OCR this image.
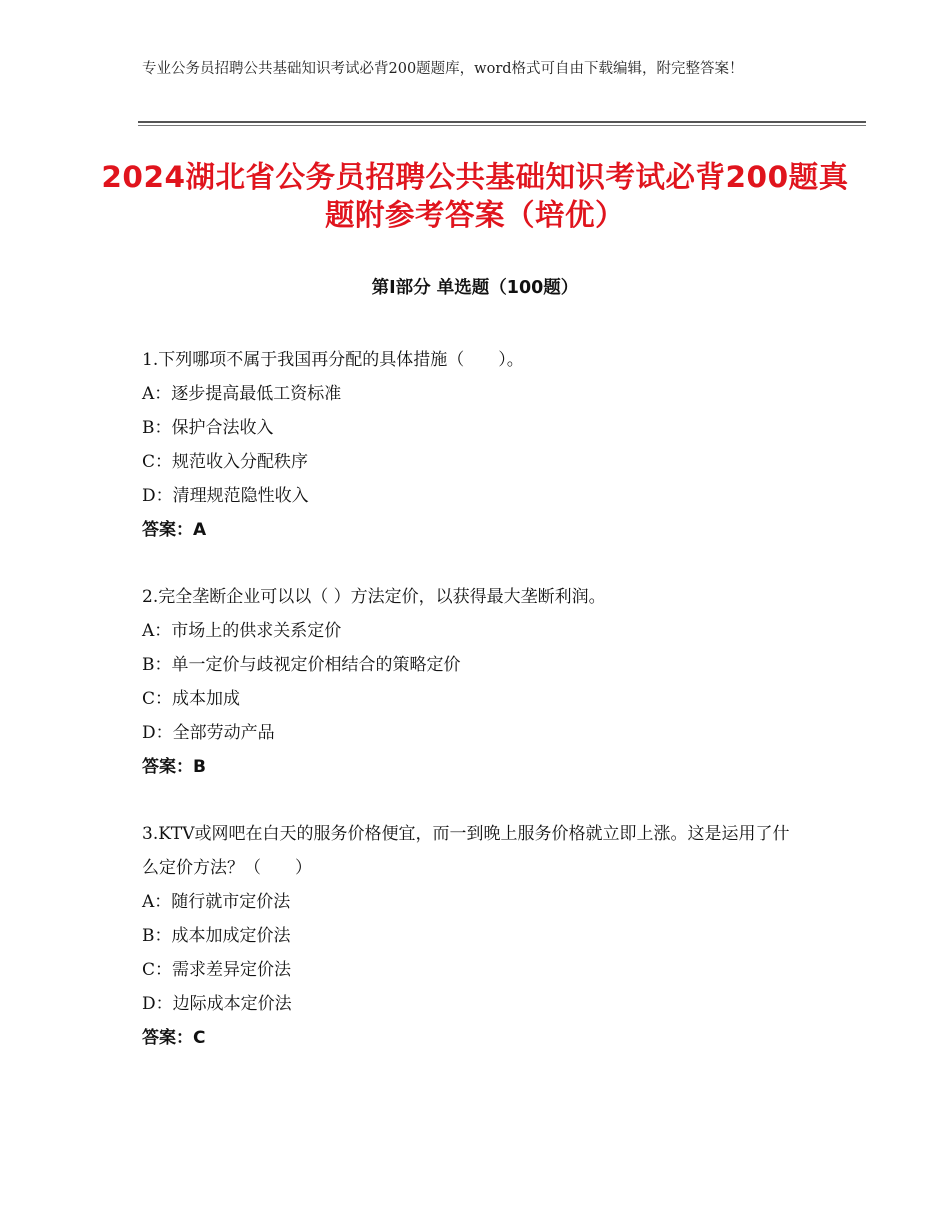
专业公务员招聘公共基础知识考试必背200题题库，word格式可自由下载编辑，附完整答案！
2024湖北省公务员招聘公共基础知识考试必背200题真题附参考答案（培优）
第Ⅰ部分 单选题（100题）
1.下列哪项不属于我国再分配的具体措施（　　）。
A：逐步提高最低工资标准
B：保护合法收入
C：规范收入分配秩序
D：清理规范隐性收入
答案：A
2.完全垄断企业可以以（ ）方法定价，以获得最大垄断利润。
A：市场上的供求关系定价
B：单一定价与歧视定价相结合的策略定价
C：成本加成
D：全部劳动产品
答案：B
3.KTV或网吧在白天的服务价格便宜，而一到晚上服务价格就立即上涨。这是运用了什么定价方法？（　　）
A：随行就市定价法
B：成本加成定价法
C：需求差异定价法
D：边际成本定价法
答案：C
